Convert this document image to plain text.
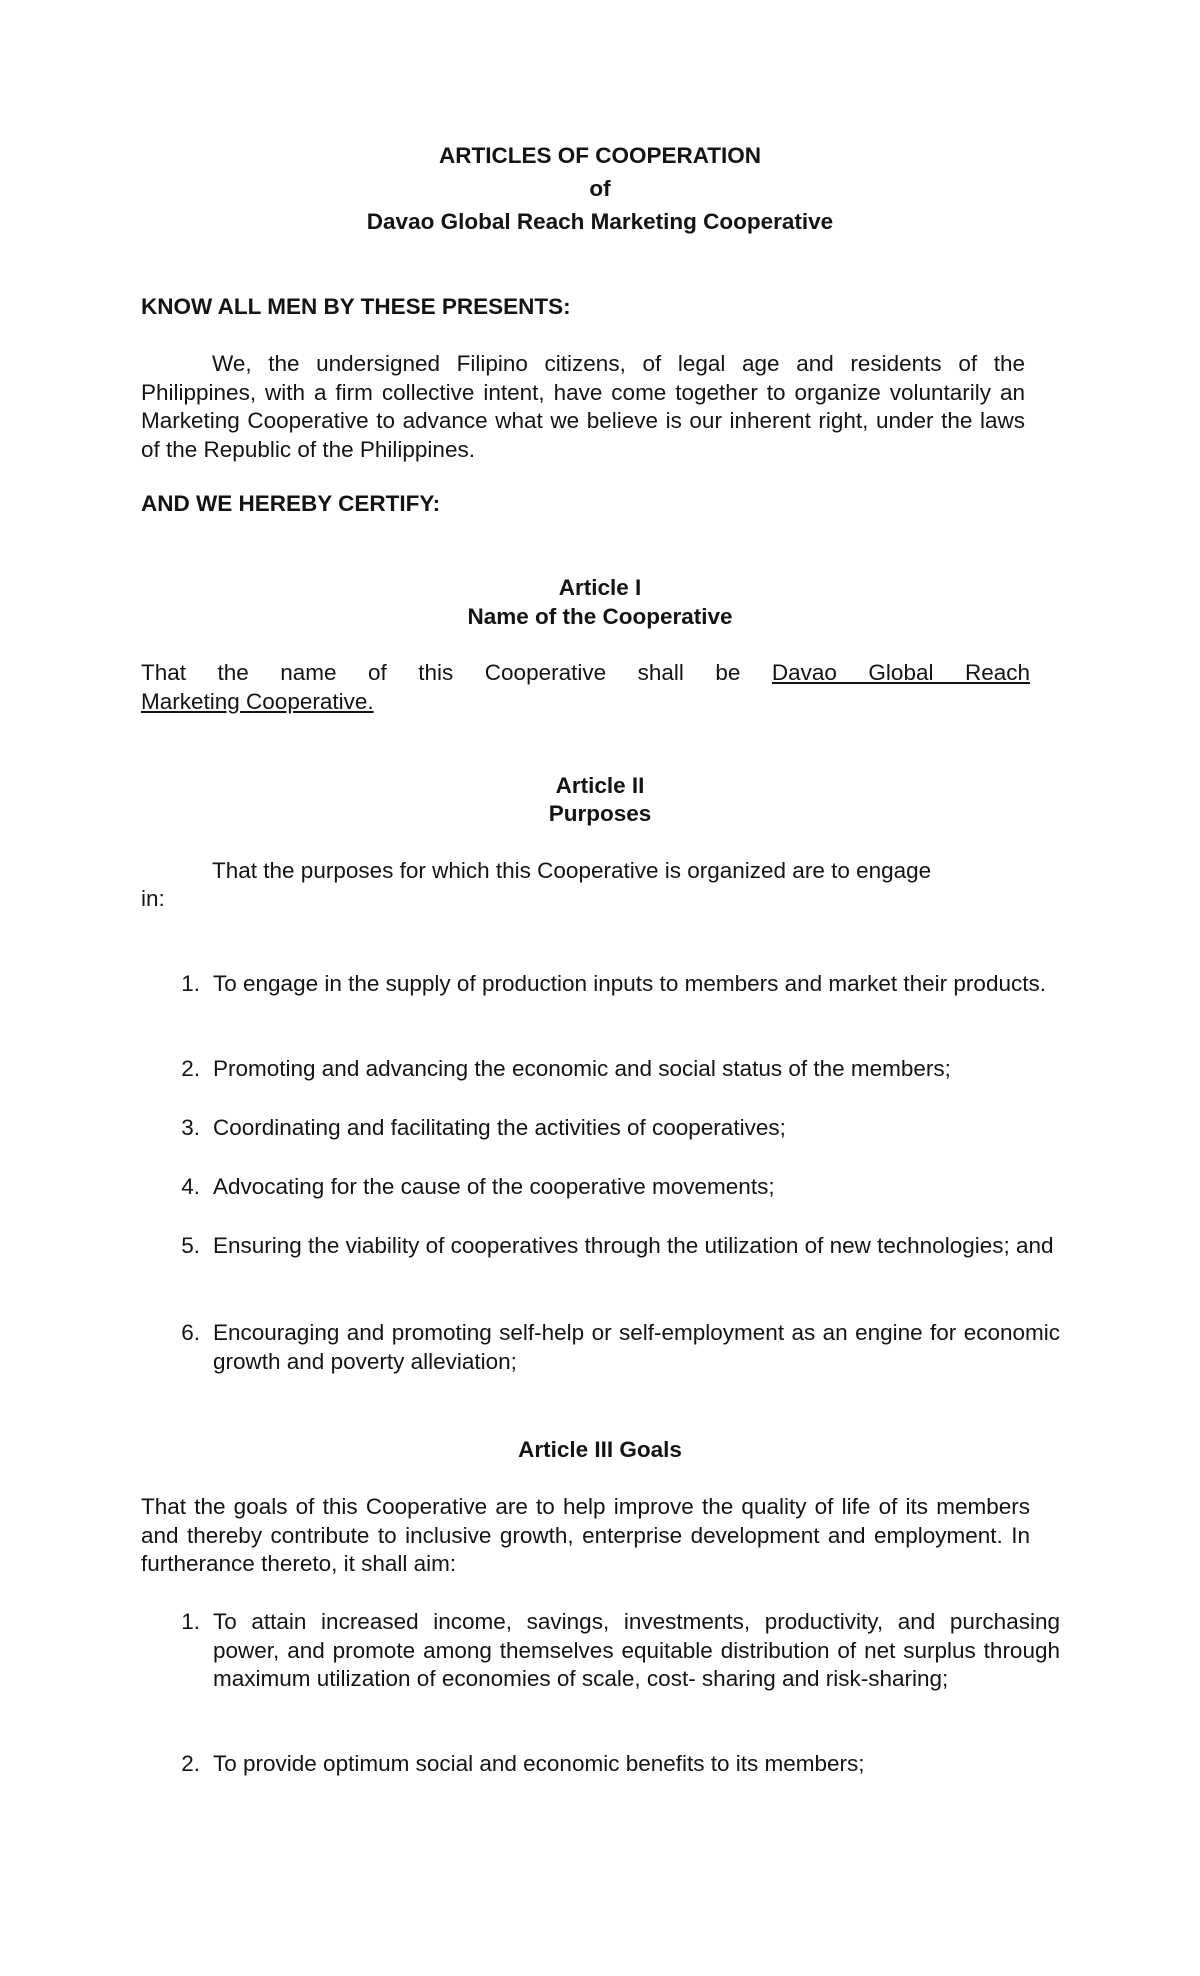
ARTICLES OF COOPERATION

of

Davao Global Reach Marketing Cooperative

KNOW ALL MEN BY THESE PRESENTS:

We, the undersigned Filipino citizens, of legal age and residents of the Philippines, with a firm collective intent, have come together to organize voluntarily an Marketing Cooperative to advance what we believe is our inherent right, under the laws of the Republic of the Philippines.

AND WE HEREBY CERTIFY:

Article I

Name of the Cooperative

That the name of this Cooperative shall be Davao Global Reach
Marketing Cooperative.

Article II

Purposes

That the purposes for which this Cooperative is organized are to engage

in:

1. To engage in the supply of production inputs to members and market their products.
2. Promoting and advancing the economic and social status of the members;
3. Coordinating and facilitating the activities of cooperatives;
4. Advocating for the cause of the cooperative movements;
5. Ensuring the viability of cooperatives through the utilization of new technologies; and
6. Encouraging and promoting self-help or self-employment as an engine for economic growth and poverty alleviation;

Article III Goals

That the goals of this Cooperative are to help improve the quality of life of its members and thereby contribute to inclusive growth, enterprise development and employment. In furtherance thereto, it shall aim:

1. To attain increased income, savings, investments, productivity, and purchasing power, and promote among themselves equitable distribution of net surplus through maximum utilization of economies of scale, cost- sharing and risk-sharing;
2. To provide optimum social and economic benefits to its members;
